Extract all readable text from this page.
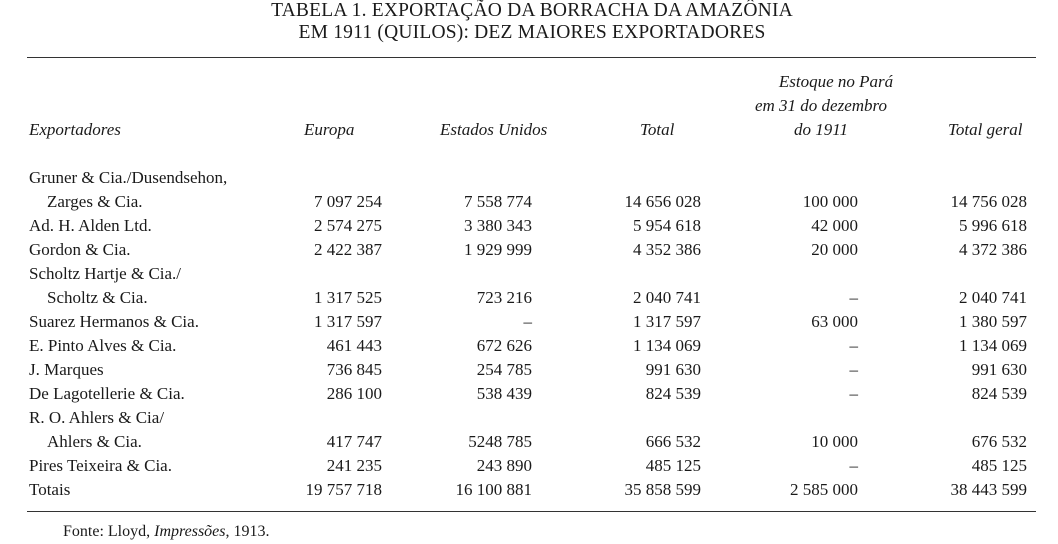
TABELA 1. EXPORTAÇÃO DA BORRACHA DA AMAZÔNIA
EM 1911 (QUILOS): DEZ MAIORES EXPORTADORES
Exportadores	Europa	Estados Unidos	Total
Estoque no Pará
em 31 do dezembro
do 1911	Total geral
Gruner & Cia./Dusendsehon,
Zarges & Cia.	7 097 254	7 558 774	14 656 028	100 000	14 756 028
Ad. H. Alden Ltd.	2 574 275	3 380 343	5 954 618	42 000	5 996 618
Gordon & Cia.	2 422 387	1 929 999	4 352 386	20 000	4 372 386
Scholtz Hartje & Cia./
Scholtz & Cia.	1 317 525	723 216	2 040 741	–	2 040 741
Suarez Hermanos & Cia.	1 317 597	–	1 317 597	63 000	1 380 597
E. Pinto Alves & Cia.	461 443	672 626	1 134 069	–	1 134 069
J. Marques	736 845	254 785	991 630	–	991 630
De Lagotellerie & Cia.	286 100	538 439	824 539	–	824 539
R. O. Ahlers & Cia/
Ahlers & Cia.	417 747	5248 785	666 532	10 000	676 532
Pires Teixeira & Cia.	241 235	243 890	485 125	–	485 125
Totais	19 757 718	16 100 881	35 858 599	2 585 000	38 443 599
Fonte: Lloyd, Impressões, 1913.
